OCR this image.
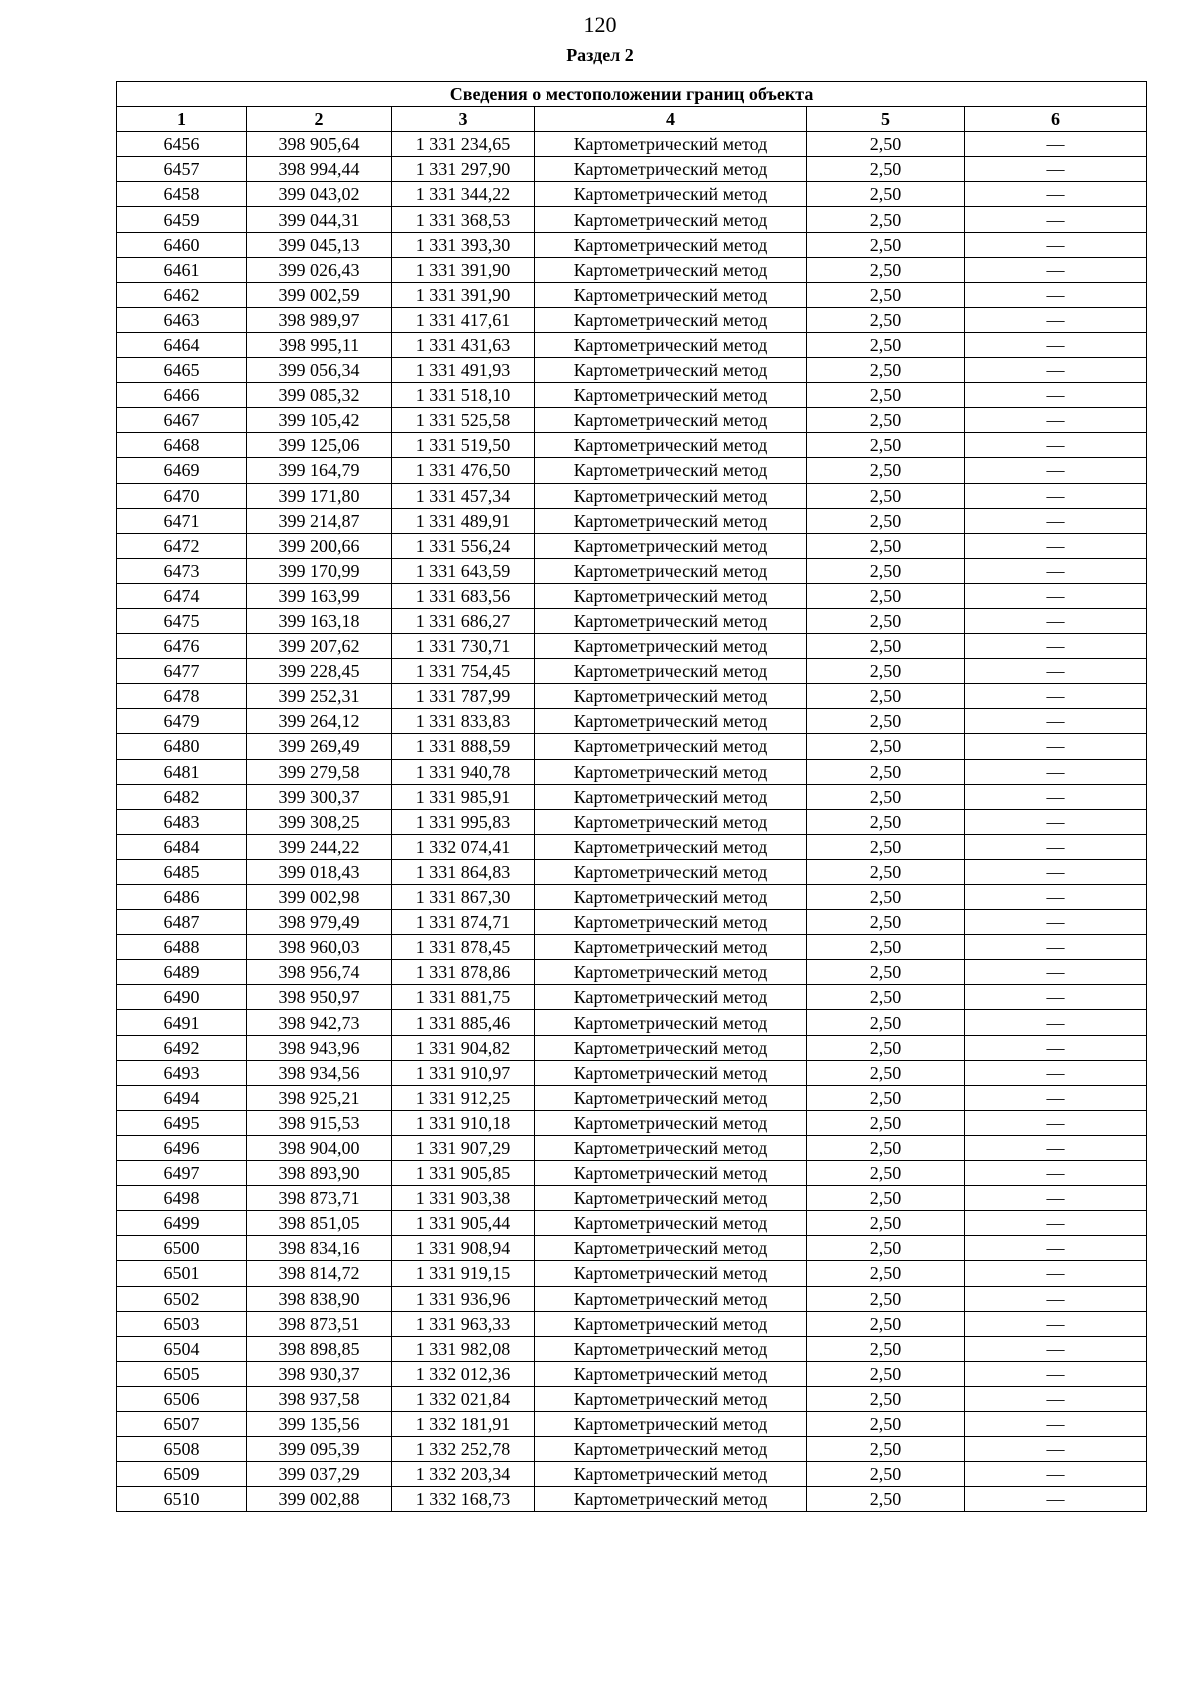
120
Раздел 2
Сведения о местоположении границ объекта					
1	2	3	4	5	6
6456	398 905,64	1 331 234,65	Картометрический метод	2,50	—
6457	398 994,44	1 331 297,90	Картометрический метод	2,50	—
6458	399 043,02	1 331 344,22	Картометрический метод	2,50	—
6459	399 044,31	1 331 368,53	Картометрический метод	2,50	—
6460	399 045,13	1 331 393,30	Картометрический метод	2,50	—
6461	399 026,43	1 331 391,90	Картометрический метод	2,50	—
6462	399 002,59	1 331 391,90	Картометрический метод	2,50	—
6463	398 989,97	1 331 417,61	Картометрический метод	2,50	—
6464	398 995,11	1 331 431,63	Картометрический метод	2,50	—
6465	399 056,34	1 331 491,93	Картометрический метод	2,50	—
6466	399 085,32	1 331 518,10	Картометрический метод	2,50	—
6467	399 105,42	1 331 525,58	Картометрический метод	2,50	—
6468	399 125,06	1 331 519,50	Картометрический метод	2,50	—
6469	399 164,79	1 331 476,50	Картометрический метод	2,50	—
6470	399 171,80	1 331 457,34	Картометрический метод	2,50	—
6471	399 214,87	1 331 489,91	Картометрический метод	2,50	—
6472	399 200,66	1 331 556,24	Картометрический метод	2,50	—
6473	399 170,99	1 331 643,59	Картометрический метод	2,50	—
6474	399 163,99	1 331 683,56	Картометрический метод	2,50	—
6475	399 163,18	1 331 686,27	Картометрический метод	2,50	—
6476	399 207,62	1 331 730,71	Картометрический метод	2,50	—
6477	399 228,45	1 331 754,45	Картометрический метод	2,50	—
6478	399 252,31	1 331 787,99	Картометрический метод	2,50	—
6479	399 264,12	1 331 833,83	Картометрический метод	2,50	—
6480	399 269,49	1 331 888,59	Картометрический метод	2,50	—
6481	399 279,58	1 331 940,78	Картометрический метод	2,50	—
6482	399 300,37	1 331 985,91	Картометрический метод	2,50	—
6483	399 308,25	1 331 995,83	Картометрический метод	2,50	—
6484	399 244,22	1 332 074,41	Картометрический метод	2,50	—
6485	399 018,43	1 331 864,83	Картометрический метод	2,50	—
6486	399 002,98	1 331 867,30	Картометрический метод	2,50	—
6487	398 979,49	1 331 874,71	Картометрический метод	2,50	—
6488	398 960,03	1 331 878,45	Картометрический метод	2,50	—
6489	398 956,74	1 331 878,86	Картометрический метод	2,50	—
6490	398 950,97	1 331 881,75	Картометрический метод	2,50	—
6491	398 942,73	1 331 885,46	Картометрический метод	2,50	—
6492	398 943,96	1 331 904,82	Картометрический метод	2,50	—
6493	398 934,56	1 331 910,97	Картометрический метод	2,50	—
6494	398 925,21	1 331 912,25	Картометрический метод	2,50	—
6495	398 915,53	1 331 910,18	Картометрический метод	2,50	—
6496	398 904,00	1 331 907,29	Картометрический метод	2,50	—
6497	398 893,90	1 331 905,85	Картометрический метод	2,50	—
6498	398 873,71	1 331 903,38	Картометрический метод	2,50	—
6499	398 851,05	1 331 905,44	Картометрический метод	2,50	—
6500	398 834,16	1 331 908,94	Картометрический метод	2,50	—
6501	398 814,72	1 331 919,15	Картометрический метод	2,50	—
6502	398 838,90	1 331 936,96	Картометрический метод	2,50	—
6503	398 873,51	1 331 963,33	Картометрический метод	2,50	—
6504	398 898,85	1 331 982,08	Картометрический метод	2,50	—
6505	398 930,37	1 332 012,36	Картометрический метод	2,50	—
6506	398 937,58	1 332 021,84	Картометрический метод	2,50	—
6507	399 135,56	1 332 181,91	Картометрический метод	2,50	—
6508	399 095,39	1 332 252,78	Картометрический метод	2,50	—
6509	399 037,29	1 332 203,34	Картометрический метод	2,50	—
6510	399 002,88	1 332 168,73	Картометрический метод	2,50	—
